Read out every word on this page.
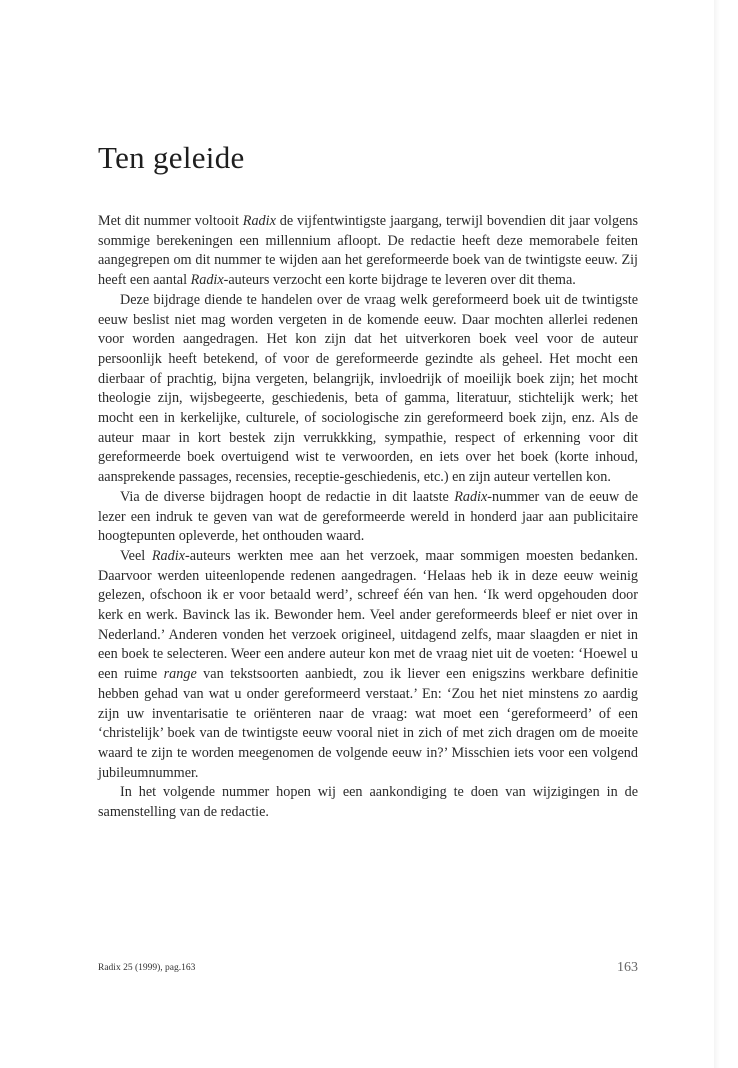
Ten geleide

Met dit nummer voltooit Radix de vijfentwintigste jaargang, terwijl bovendien dit jaar volgens sommige berekeningen een millennium afloopt. De redactie heeft deze memorabele feiten aangegrepen om dit nummer te wijden aan het gereformeerde boek van de twintigste eeuw. Zij heeft een aantal Radix-auteurs verzocht een korte bijdrage te leveren over dit thema.

Deze bijdrage diende te handelen over de vraag welk gereformeerd boek uit de twintigste eeuw beslist niet mag worden vergeten in de komende eeuw. Daar mochten allerlei redenen voor worden aangedragen. Het kon zijn dat het uitverkoren boek veel voor de auteur persoonlijk heeft betekend, of voor de gereformeerde gezindte als geheel. Het mocht een dierbaar of prachtig, bijna vergeten, belangrijk, invloedrijk of moeilijk boek zijn; het mocht theologie zijn, wijsbegeerte, geschiedenis, beta of gamma, literatuur, stichtelijk werk; het mocht een in kerkelijke, culturele, of sociologische zin gereformeerd boek zijn, enz. Als de auteur maar in kort bestek zijn verrukkking, sympathie, respect of erkenning voor dit gereformeerde boek overtuigend wist te verwoorden, en iets over het boek (korte inhoud, aansprekende passages, recensies, receptie-geschiedenis, etc.) en zijn auteur vertellen kon.

Via de diverse bijdragen hoopt de redactie in dit laatste Radix-nummer van de eeuw de lezer een indruk te geven van wat de gereformeerde wereld in honderd jaar aan publicitaire hoogtepunten opleverde, het onthouden waard.

Veel Radix-auteurs werkten mee aan het verzoek, maar sommigen moesten bedanken. Daarvoor werden uiteenlopende redenen aangedragen. ‘Helaas heb ik in deze eeuw weinig gelezen, ofschoon ik er voor betaald werd’, schreef één van hen. ‘Ik werd opgehouden door kerk en werk. Bavinck las ik. Bewonder hem. Veel ander gereformeerds bleef er niet over in Nederland.’ Anderen vonden het verzoek origineel, uitdagend zelfs, maar slaagden er niet in een boek te selecteren. Weer een andere auteur kon met de vraag niet uit de voeten: ‘Hoewel u een ruime range van tekstsoorten aanbiedt, zou ik liever een enigszins werkbare definitie hebben gehad van wat u onder gereformeerd verstaat.’ En: ‘Zou het niet minstens zo aardig zijn uw inventarisatie te oriënteren naar de vraag: wat moet een ‘gereformeerd’ of een ‘christelijk’ boek van de twintigste eeuw vooral niet in zich of met zich dragen om de moeite waard te zijn te worden meegenomen de volgende eeuw in?’ Misschien iets voor een volgend jubileumnummer.

In het volgende nummer hopen wij een aankondiging te doen van wijzigingen in de samenstelling van de redactie.

Radix 25 (1999), pag.163	163
